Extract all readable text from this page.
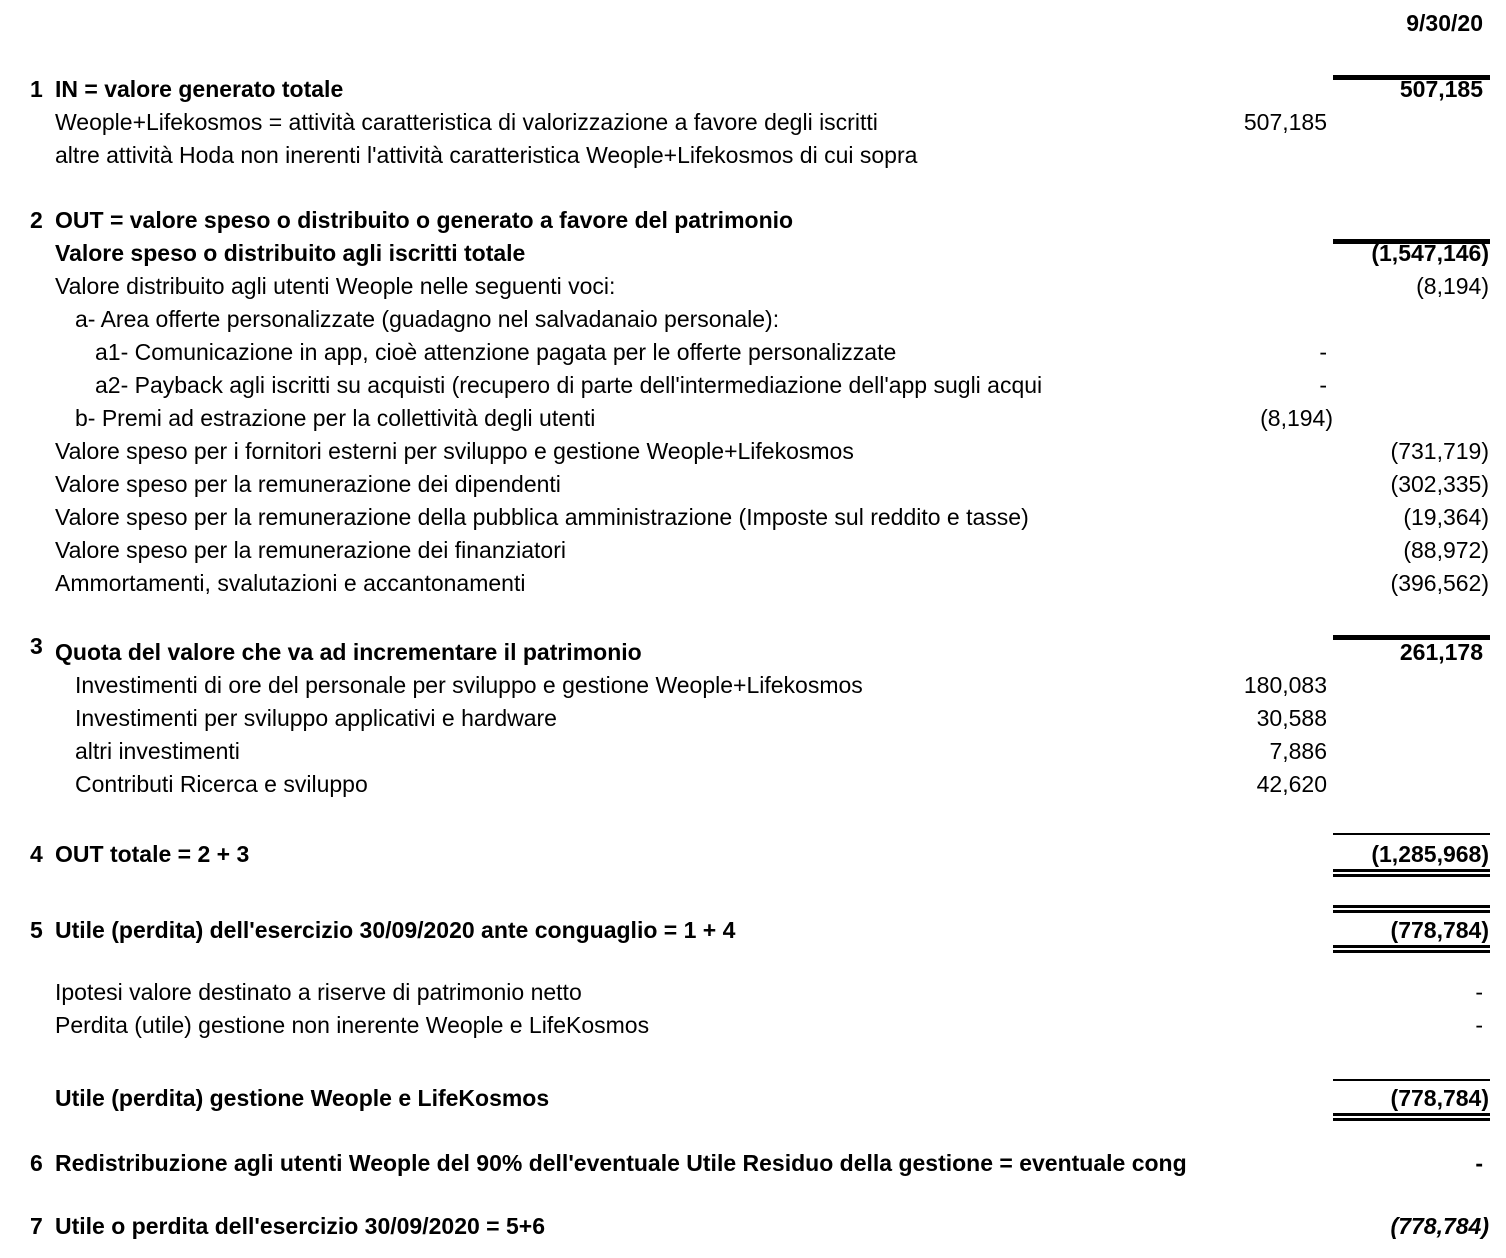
9/30/20
1 IN = valore generato totale	507,185
Weople+Lifekosmos = attività caratteristica di valorizzazione a favore degli iscritti	507,185
altre attività Hoda non inerenti l'attività caratteristica Weople+Lifekosmos di cui sopra
2 OUT = valore speso o distribuito o generato a favore del patrimonio
Valore speso o distribuito agli iscritti totale	(1,547,146)
Valore distribuito agli utenti Weople nelle seguenti voci:	(8,194)
a- Area offerte personalizzate (guadagno nel salvadanaio personale):
a1- Comunicazione in app, cioè attenzione pagata per le offerte personalizzate	-
a2- Payback agli iscritti su acquisti (recupero di parte dell'intermediazione dell'app sugli acqui	-
b- Premi ad estrazione per la collettività degli utenti	(8,194)
Valore speso per i fornitori esterni per sviluppo e gestione Weople+Lifekosmos	(731,719)
Valore speso per la remunerazione dei dipendenti	(302,335)
Valore speso per la remunerazione della pubblica amministrazione (Imposte sul reddito e tasse)	(19,364)
Valore speso per la remunerazione dei finanziatori	(88,972)
Ammortamenti, svalutazioni e accantonamenti	(396,562)
3 Quota del valore che va ad incrementare il patrimonio	261,178
Investimenti di ore del personale per sviluppo e gestione Weople+Lifekosmos	180,083
Investimenti per sviluppo applicativi e hardware	30,588
altri investimenti	7,886
Contributi Ricerca e sviluppo	42,620
4 OUT totale = 2 + 3	(1,285,968)
5 Utile (perdita) dell'esercizio 30/09/2020 ante conguaglio = 1 + 4	(778,784)
Ipotesi valore destinato a riserve di patrimonio netto	-
Perdita (utile) gestione non inerente Weople e LifeKosmos	-
Utile (perdita) gestione Weople e LifeKosmos	(778,784)
6 Redistribuzione agli utenti Weople del 90% dell'eventuale Utile Residuo della gestione = eventuale cong	-
7 Utile o perdita dell'esercizio 30/09/2020 = 5+6	(778,784)
